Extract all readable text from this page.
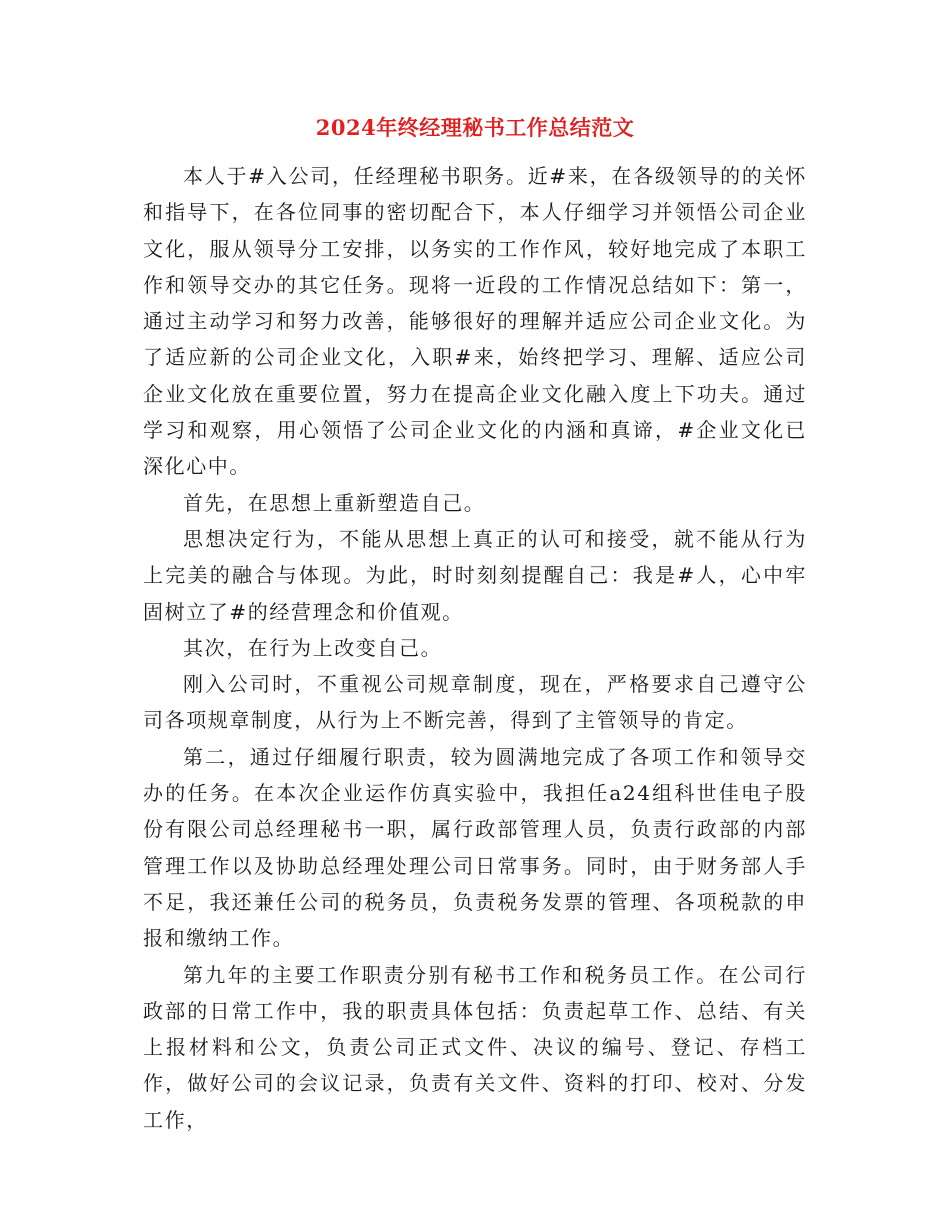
2024年终经理秘书工作总结范文

本人于#入公司，任经理秘书职务。近#来，在各级领导的的关怀和指导下，在各位同事的密切配合下，本人仔细学习并领悟公司企业文化，服从领导分工安排，以务实的工作作风，较好地完成了本职工作和领导交办的其它任务。现将一近段的工作情况总结如下：第一，通过主动学习和努力改善，能够很好的理解并适应公司企业文化。为了适应新的公司企业文化，入职#来，始终把学习、理解、适应公司企业文化放在重要位置，努力在提高企业文化融入度上下功夫。通过学习和观察，用心领悟了公司企业文化的内涵和真谛，#企业文化已深化心中。

首先，在思想上重新塑造自己。

思想决定行为，不能从思想上真正的认可和接受，就不能从行为上完美的融合与体现。为此，时时刻刻提醒自己：我是#人，心中牢固树立了#的经营理念和价值观。

其次，在行为上改变自己。

刚入公司时，不重视公司规章制度，现在，严格要求自己遵守公司各项规章制度，从行为上不断完善，得到了主管领导的肯定。

第二，通过仔细履行职责，较为圆满地完成了各项工作和领导交办的任务。在本次企业运作仿真实验中，我担任a24组科世佳电子股份有限公司总经理秘书一职，属行政部管理人员，负责行政部的内部管理工作以及协助总经理处理公司日常事务。同时，由于财务部人手不足，我还兼任公司的税务员，负责税务发票的管理、各项税款的申报和缴纳工作。

第九年的主要工作职责分别有秘书工作和税务员工作。在公司行政部的日常工作中，我的职责具体包括：负责起草工作、总结、有关上报材料和公文，负责公司正式文件、决议的编号、登记、存档工作，做好公司的会议记录，负责有关文件、资料的打印、校对、分发工作，
